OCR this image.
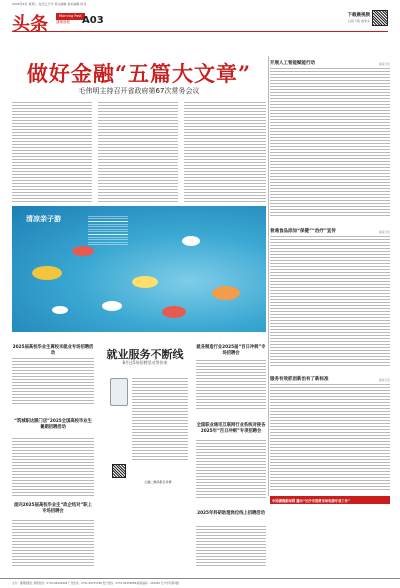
2025年6月 星期二 农历乙巳年 责任编辑 美术编辑 校对
头条	Morning Post
潇湘晨报 A03	下载晨视频
扫码下载 看更多
做好金融“五篇大文章”
毛伟明主持召开省政府第67次常务会议
开展人工智能赋能行动	湖南日报
普通食品添加“保健”“治疗”宣传	湖南日报
服务有效抓创新治有了新标准	湖南日报
清凉亲子游
2025届高校毕业生离校未就业专场招聘活动
“筑城职达跟门店”2025全国高校毕业生暑期招聘活动
面向2025届高校毕业生“政企结对”职上专场招聘会
就业服务不断线
8月这5场招聘活动等你来
扫描二维码报名详情
就各制造行业2025届“百日冲刺”专场招聘会
全国职业通讯互联网行业系统对接各2025年“百日冲刺”专项招聘会
2025年科研助理岗位线上招聘活动
中国潇湘新闻网 播出“长沙市消费市场电梯专项工作”
主办：潇湘晨报社 新闻热线：0731-84329999 广告热线：0731-84375788 发行热线：0731-84352888 邮政编码：410005 长沙市芙蓉中路
